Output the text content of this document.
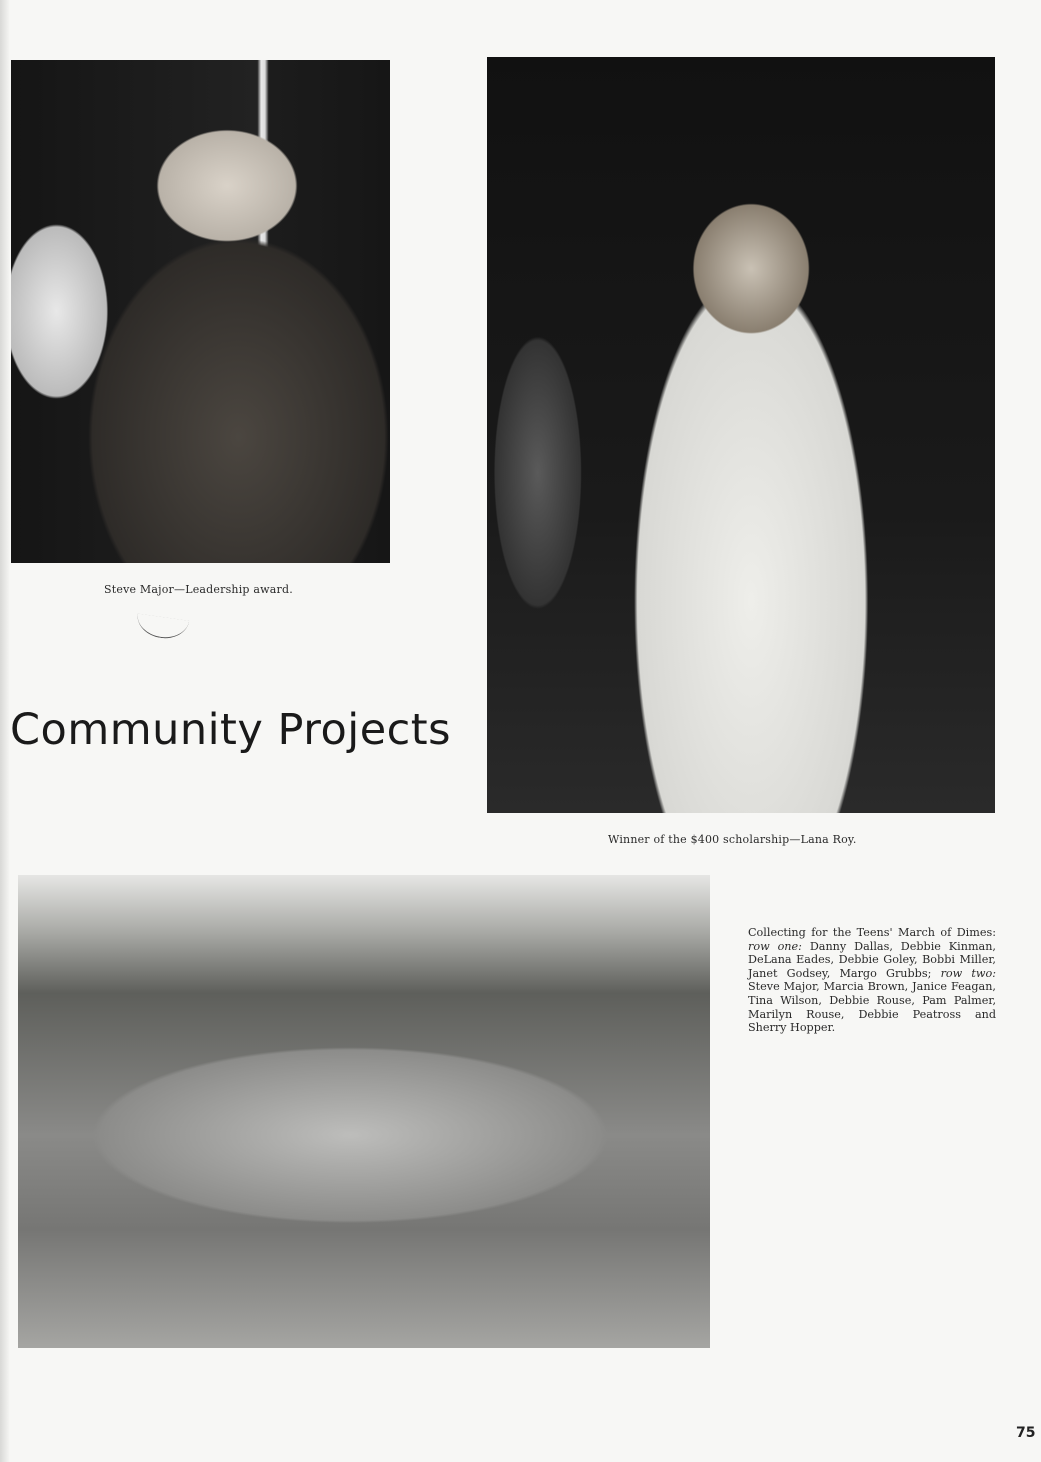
Steve Major—Leadership award.
Winner of the $400 scholarship—Lana Roy.
Community Projects
Collecting for the Teens' March of Dimes: row one: Danny Dallas, Debbie Kinman, DeLana Eades, Debbie Goley, Bobbi Miller, Janet Godsey, Margo Grubbs; row two: Steve Major, Marcia Brown, Janice Feagan, Tina Wilson, Debbie Rouse, Pam Palmer, Marilyn Rouse, Debbie Peatross and Sherry Hopper.
75
